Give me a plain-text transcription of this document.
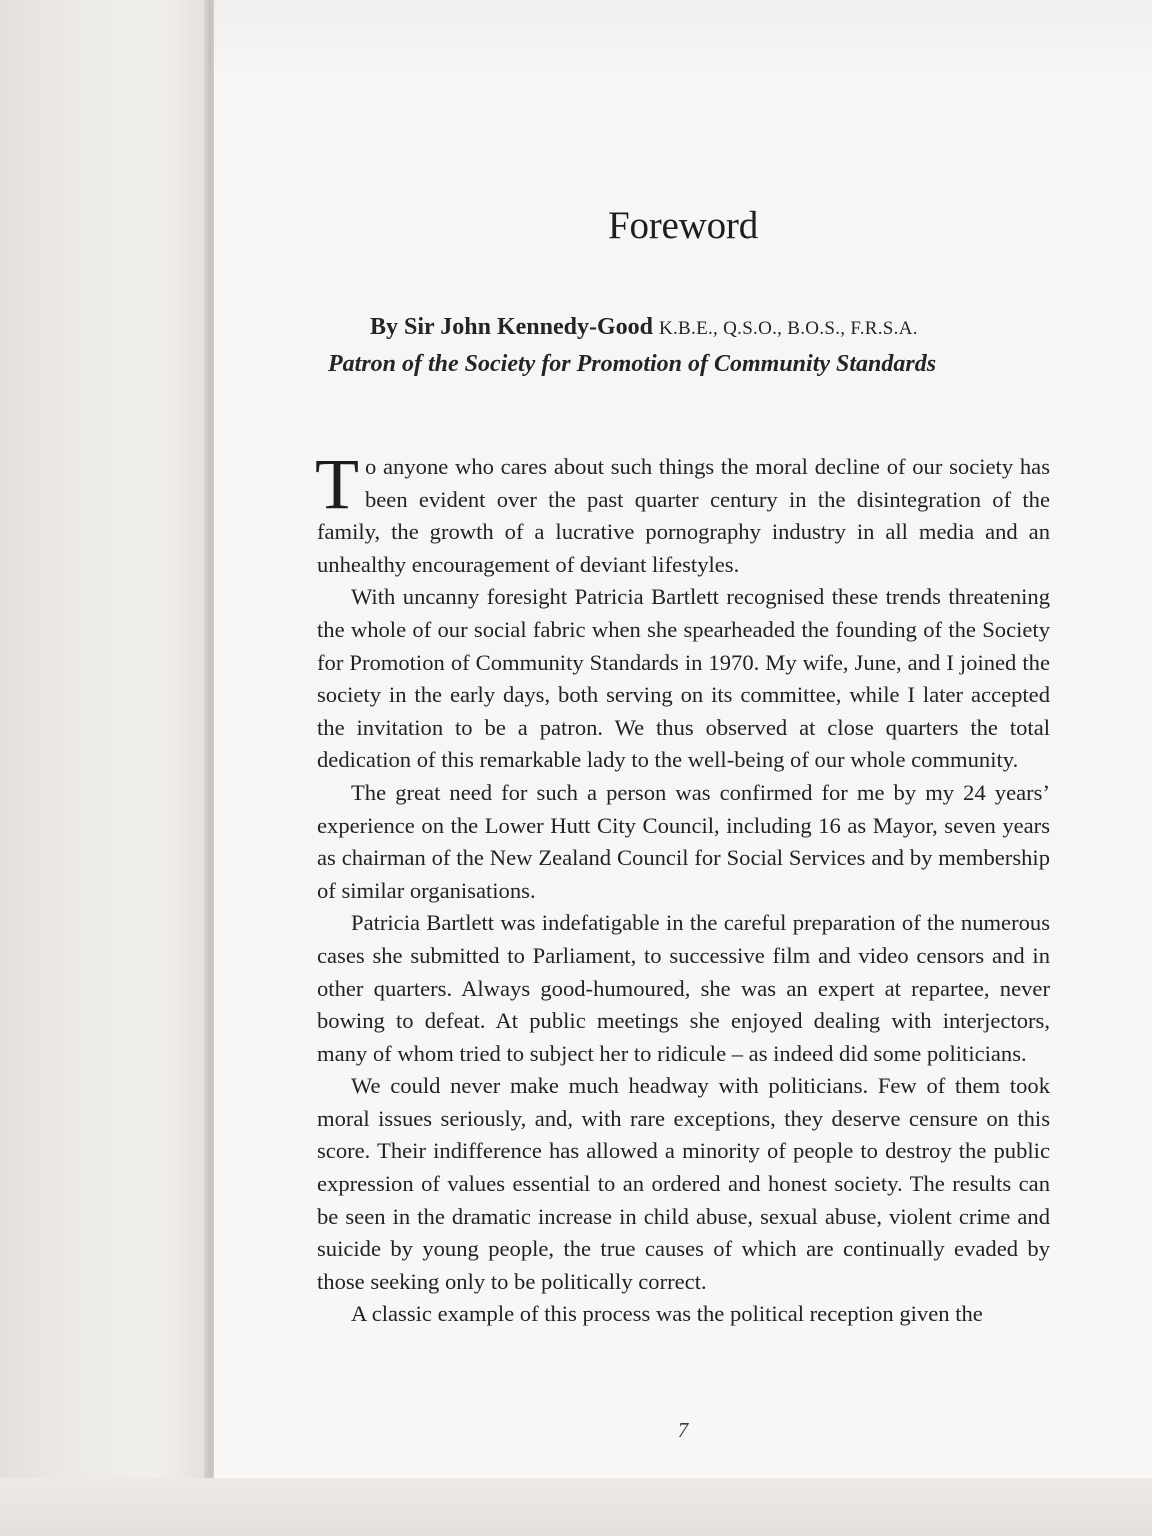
Foreword
By Sir John Kennedy-Good K.B.E., Q.S.O., B.O.S., F.R.S.A.
Patron of the Society for Promotion of Community Standards

To anyone who cares about such things the moral decline of our society has been evident over the past quarter century in the disintegration of the family, the growth of a lucrative pornography industry in all media and an unhealthy encouragement of deviant lifestyles.

With uncanny foresight Patricia Bartlett recognised these trends threatening the whole of our social fabric when she spearheaded the founding of the Society for Promotion of Community Standards in 1970. My wife, June, and I joined the society in the early days, both serving on its committee, while I later accepted the invitation to be a patron. We thus observed at close quarters the total dedication of this remarkable lady to the well-being of our whole community.

The great need for such a person was confirmed for me by my 24 years’ experience on the Lower Hutt City Council, including 16 as Mayor, seven years as chairman of the New Zealand Council for Social Services and by membership of similar organisations.

Patricia Bartlett was indefatigable in the careful preparation of the numerous cases she submitted to Parliament, to successive film and video censors and in other quarters. Always good-humoured, she was an expert at repartee, never bowing to defeat. At public meetings she enjoyed dealing with interjectors, many of whom tried to subject her to ridicule – as indeed did some politicians.

We could never make much headway with politicians. Few of them took moral issues seriously, and, with rare exceptions, they deserve censure on this score. Their indifference has allowed a minority of people to destroy the public expression of values essential to an ordered and honest society. The results can be seen in the dramatic increase in child abuse, sexual abuse, violent crime and suicide by young people, the true causes of which are continually evaded by those seeking only to be politically correct.

A classic example of this process was the political reception given the

7
